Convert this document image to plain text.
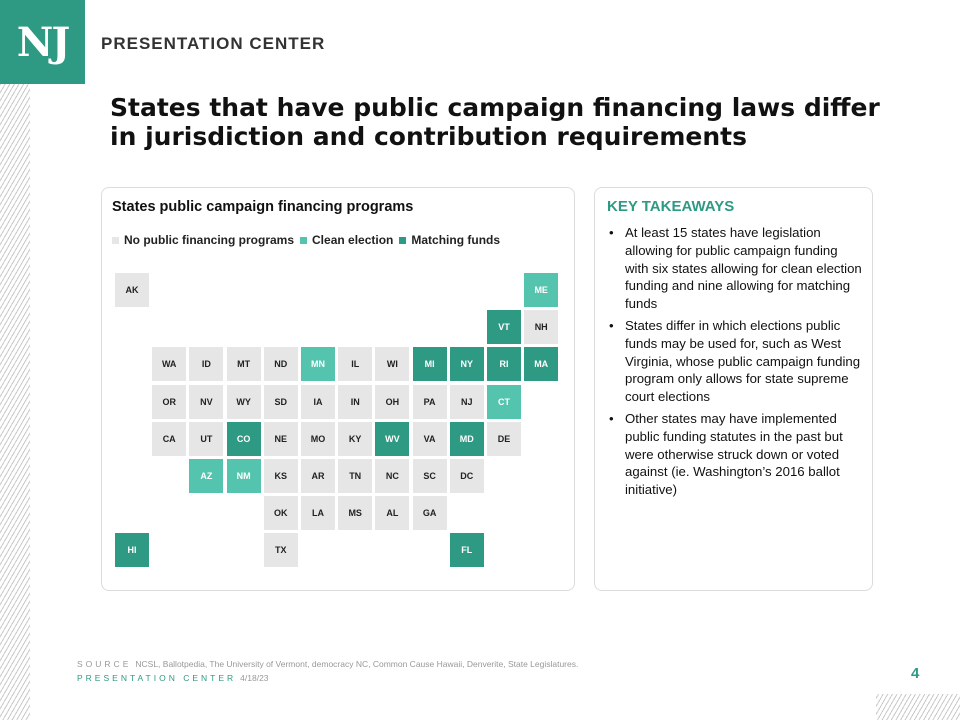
NJ PRESENTATION CENTER
States that have public campaign financing laws differ in jurisdiction and contribution requirements
States public campaign financing programs
No public financing programs Clean election Matching funds
AK	ME
VT	NH
WA	ID	MT	ND	MN	IL	WI	MI	NY	RI	MA
OR	NV	WY	SD	IA	IN	OH	PA	NJ	CT
CA	UT	CO	NE	MO	KY	WV	VA	MD	DE
AZ	NM	KS	AR	TN	NC	SC	DC
OK	LA	MS	AL	GA
HI	TX	FL
KEY TAKEAWAYS
• At least 15 states have legislation allowing for public campaign funding with six states allowing for clean election funding and nine allowing for matching funds
• States differ in which elections public funds may be used for, such as West Virginia, whose public campaign funding program only allows for state supreme court elections
• Other states may have implemented public funding statutes in the past but were otherwise struck down or voted against (ie. Washington’s 2016 ballot initiative)
SOURCE NCSL, Ballotpedia, The University of Vermont, democracy NC, Common Cause Hawaii, Denverite, State Legislatures.
PRESENTATION CENTER 4/18/23	4
